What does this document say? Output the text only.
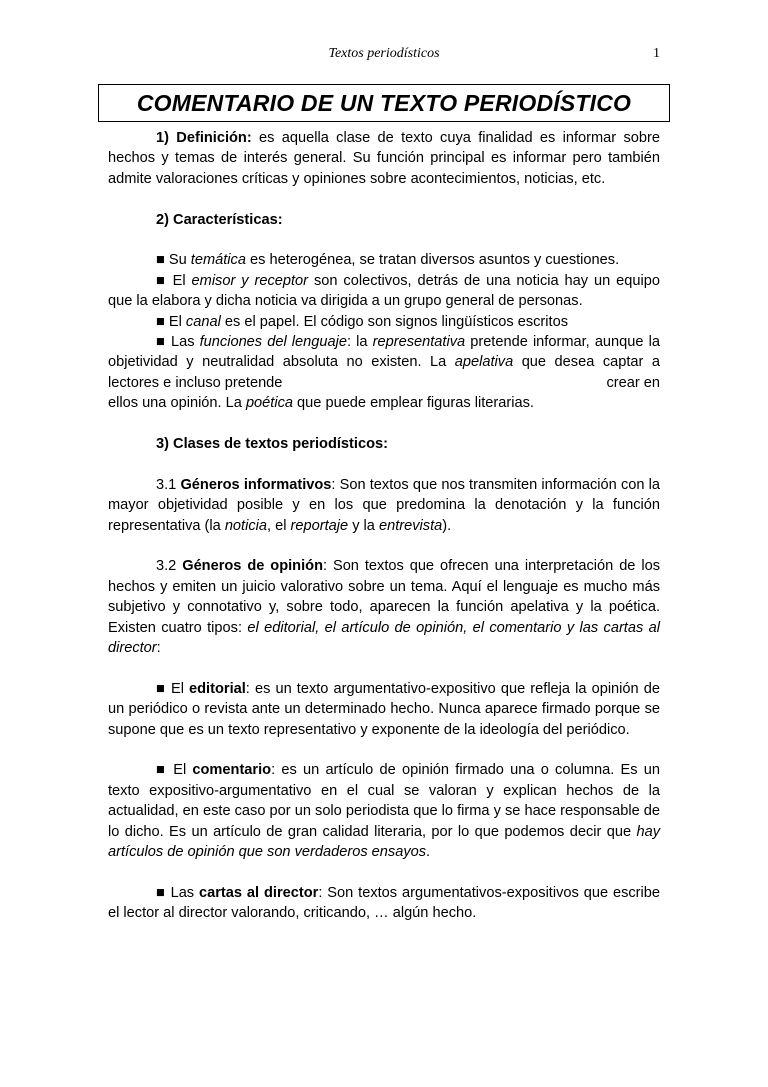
Textos periodísticos	1
COMENTARIO DE UN TEXTO PERIODÍSTICO

1) Definición: es aquella clase de texto cuya finalidad es informar sobre hechos y temas de interés general. Su función principal es informar pero también admite valoraciones críticas y opiniones sobre acontecimientos, noticias, etc.

2) Características:

■ Su temática es heterogénea, se tratan diversos asuntos y cuestiones.

■ El emisor y receptor son colectivos, detrás de una noticia hay un equipo que la elabora y dicha noticia va dirigida a un grupo general de personas.

■ El canal es el papel. El código son signos lingüísticos escritos

■ Las funciones del lenguaje: la representativa pretende informar, aunque la objetividad y neutralidad absoluta no existen. La apelativa que desea captar a lectores e incluso pretende	crear en

ellos una opinión. La poética que puede emplear figuras literarias.

3) Clases de textos periodísticos:

3.1 Géneros informativos: Son textos que nos transmiten información con la mayor objetividad posible y en los que predomina la denotación y la función representativa (la noticia, el reportaje y la entrevista).

3.2 Géneros de opinión: Son textos que ofrecen una interpretación de los hechos y emiten un juicio valorativo sobre un tema. Aquí el lenguaje es mucho más subjetivo y connotativo y, sobre todo, aparecen la función apelativa y la poética. Existen cuatro tipos: el editorial, el artículo de opinión, el comentario y las cartas al director:

■ El editorial: es un texto argumentativo-expositivo que refleja la opinión de un periódico o revista ante un determinado hecho. Nunca aparece firmado porque se supone que es un texto representativo y exponente de la ideología del periódico.

■ El comentario: es un artículo de opinión firmado una o columna. Es un texto expositivo-argumentativo en el cual se valoran y explican hechos de la actualidad, en este caso por un solo periodista que lo firma y se hace responsable de lo dicho. Es un artículo de gran calidad literaria, por lo que podemos decir que hay artículos de opinión que son verdaderos ensayos.

■ Las cartas al director: Son textos argumentativos-expositivos que escribe el lector al director valorando, criticando, … algún hecho.
